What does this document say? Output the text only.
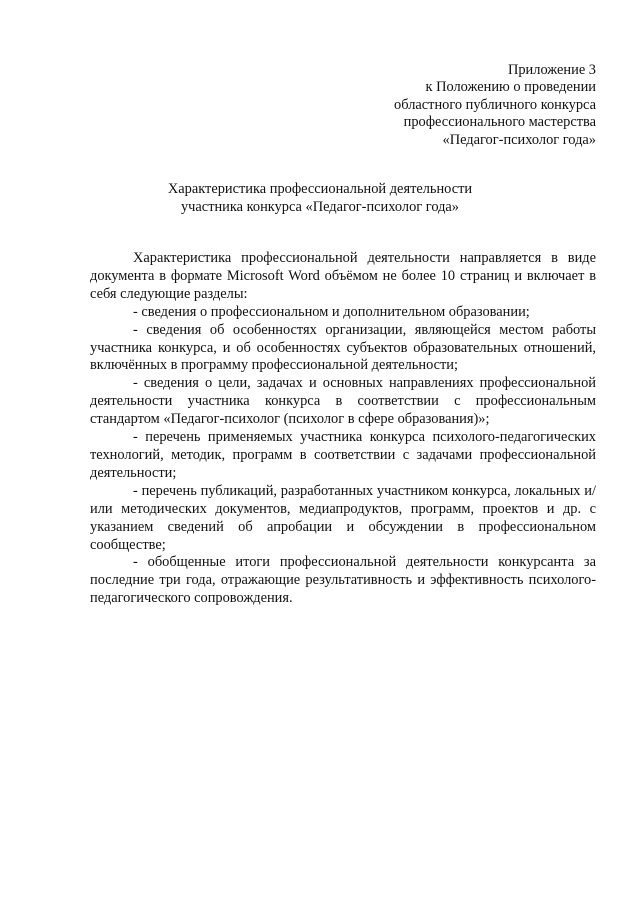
Приложение 3
к Положению о проведении
областного публичного конкурса
профессионального мастерства
«Педагог-психолог года»
Характеристика профессиональной деятельности
участника конкурса «Педагог-психолог года»

Характеристика профессиональной деятельности направляется в виде документа в формате Microsoft Word объёмом не более 10 страниц и включает в себя следующие разделы:

- сведения о профессиональном и дополнительном образовании;

- сведения об особенностях организации, являющейся местом работы участника конкурса, и об особенностях субъектов образовательных отношений, включённых в программу профессиональной деятельности;

- сведения о цели, задачах и основных направлениях профессиональной деятельности участника конкурса в соответствии с профессиональным стандартом «Педагог-психолог (психолог в сфере образования)»;

- перечень применяемых участника конкурса психолого-педагогических технологий, методик, программ в соответствии с задачами профессиональной деятельности;

- перечень публикаций, разработанных участником конкурса, локальных и/или методических документов, медиапродуктов, программ, проектов и др. с указанием сведений об апробации и обсуждении в профессиональном сообществе;

- обобщенные итоги профессиональной деятельности конкурсанта за последние три года, отражающие результативность и эффективность психолого-педагогического сопровождения.
